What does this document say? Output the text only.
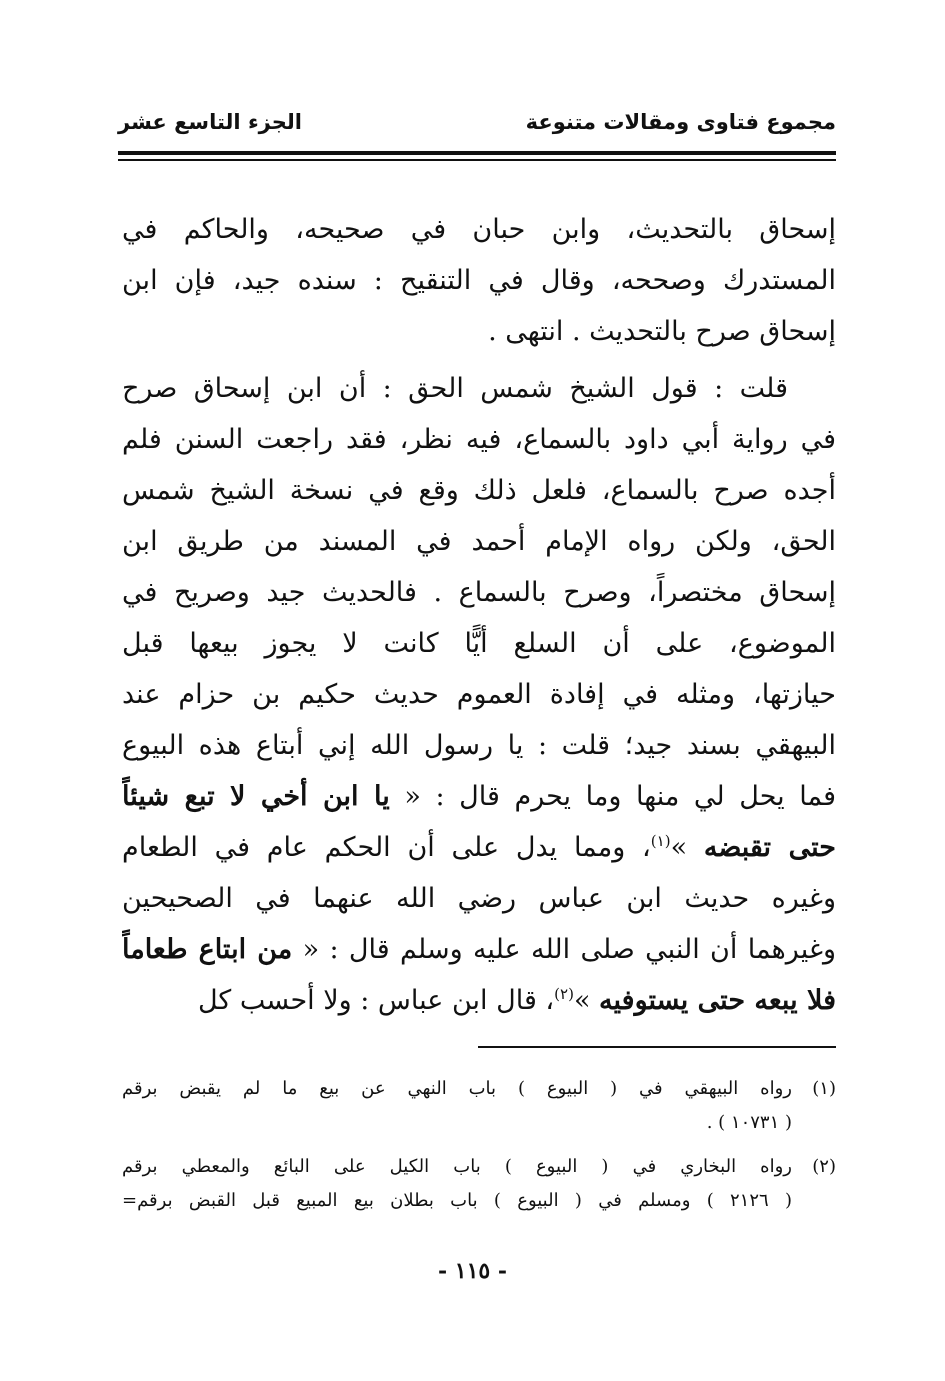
مجموع فتاوى ومقالات متنوعة
الجزء التاسع عشر
إسحاق بالتحديث، وابن حبان في صحيحه، والحاكم في
المستدرك وصححه، وقال في التنقيح : سنده جيد، فإن ابن
إسحاق صرح بالتحديث . انتهى .
قلت : قول الشيخ شمس الحق : أن ابن إسحاق صرح
في رواية أبي داود بالسماع، فيه نظر، فقد راجعت السنن فلم
أجده صرح بالسماع، فلعل ذلك وقع في نسخة الشيخ شمس
الحق، ولكن رواه الإمام أحمد في المسند من طريق ابن
إسحاق مختصراً، وصرح بالسماع . فالحديث جيد وصريح في
الموضوع، على أن السلع أيًّا كانت لا يجوز بيعها قبل
حيازتها، ومثله في إفادة العموم حديث حكيم بن حزام عند
البيهقي بسند جيد؛ قلت : يا رسول الله إني أبتاع هذه البيوع
فما يحل لي منها وما يحرم قال : « يا ابن أخي لا تبع شيئاً
حتى تقبضه »$^{(١)}$، ومما يدل على أن الحكم عام في الطعام
وغيره حديث ابن عباس رضي الله عنهما في الصحيحين
وغيرهما أن النبي صلى الله عليه وسلم قال : « من ابتاع طعاماً
فلا يبعه حتى يستوفيه »$^{(٢)}$، قال ابن عباس : ولا أحسب كل
(١)
رواه البيهقي في ( البيوع ) باب النهي عن بيع ما لم يقبض برقم
( ١٠٧٣١ ) .
(٢)
رواه البخاري في ( البيوع ) باب الكيل على البائع والمعطي برقم
( ٢١٢٦ ) ومسلم في ( البيوع ) باب بطلان بيع المبيع قبل القبض برقم=
- ١١٥ -
